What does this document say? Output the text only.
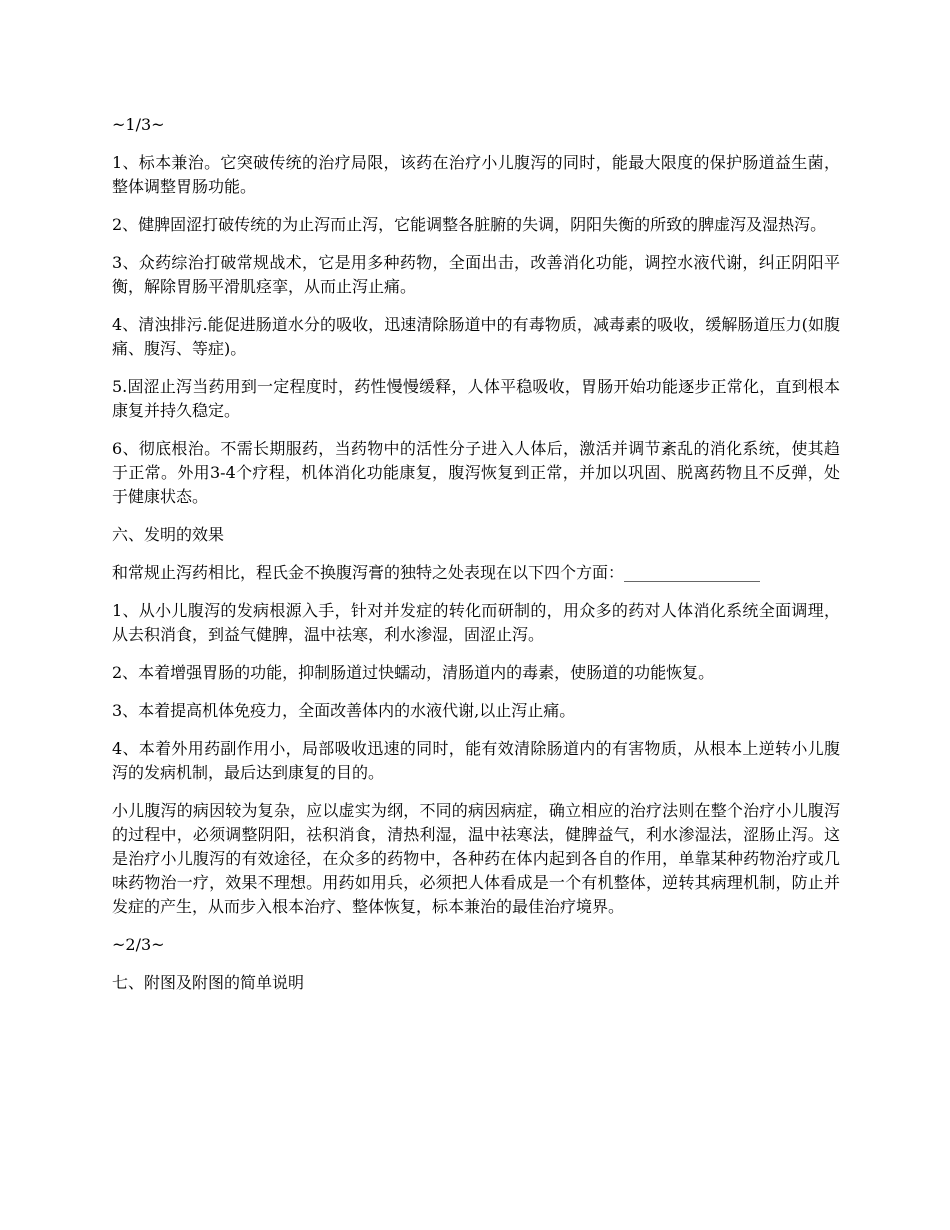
~1/3~

1、标本兼治。它突破传统的治疗局限，该药在治疗小儿腹泻的同时，能最大限度的保护肠道益生菌，整体调整胃肠功能。

2、健脾固涩打破传统的为止泻而止泻，它能调整各脏腑的失调，阴阳失衡的所致的脾虚泻及湿热泻。

3、众药综治打破常规战术，它是用多种药物，全面出击，改善消化功能，调控水液代谢，纠正阴阳平衡，解除胃肠平滑肌痉挛，从而止泻止痛。

4、清浊排污.能促进肠道水分的吸收，迅速清除肠道中的有毒物质，减毒素的吸收，缓解肠道压力(如腹痛、腹泻、等症)。

5.固涩止泻当药用到一定程度时，药性慢慢缓释，人体平稳吸收，胃肠开始功能逐步正常化，直到根本康复并持久稳定。

6、彻底根治。不需长期服药，当药物中的活性分子进入人体后，激活并调节紊乱的消化系统，使其趋于正常。外用3-4个疗程，机体消化功能康复，腹泻恢复到正常，并加以巩固、脱离药物且不反弹，处于健康状态。

六、发明的效果

和常规止泻药相比，程氏金不换腹泻膏的独特之处表现在以下四个方面：_________________

1、从小儿腹泻的发病根源入手，针对并发症的转化而研制的，用众多的药对人体消化系统全面调理，从去积消食，到益气健脾，温中祛寒，利水渗湿，固涩止泻。

2、本着增强胃肠的功能，抑制肠道过快蠕动，清肠道内的毒素，使肠道的功能恢复。

3、本着提高机体免疫力，全面改善体内的水液代谢,以止泻止痛。

4、本着外用药副作用小，局部吸收迅速的同时，能有效清除肠道内的有害物质，从根本上逆转小儿腹泻的发病机制，最后达到康复的目的。

小儿腹泻的病因较为复杂，应以虚实为纲，不同的病因病症，确立相应的治疗法则在整个治疗小儿腹泻的过程中，必须调整阴阳，祛积消食，清热利湿，温中祛寒法，健脾益气，利水渗湿法，涩肠止泻。这是治疗小儿腹泻的有效途径，在众多的药物中，各种药在体内起到各自的作用，单靠某种药物治疗或几味药物治一疗，效果不理想。用药如用兵，必须把人体看成是一个有机整体，逆转其病理机制，防止并发症的产生，从而步入根本治疗、整体恢复，标本兼治的最佳治疗境界。

~2/3~

七、附图及附图的简单说明
